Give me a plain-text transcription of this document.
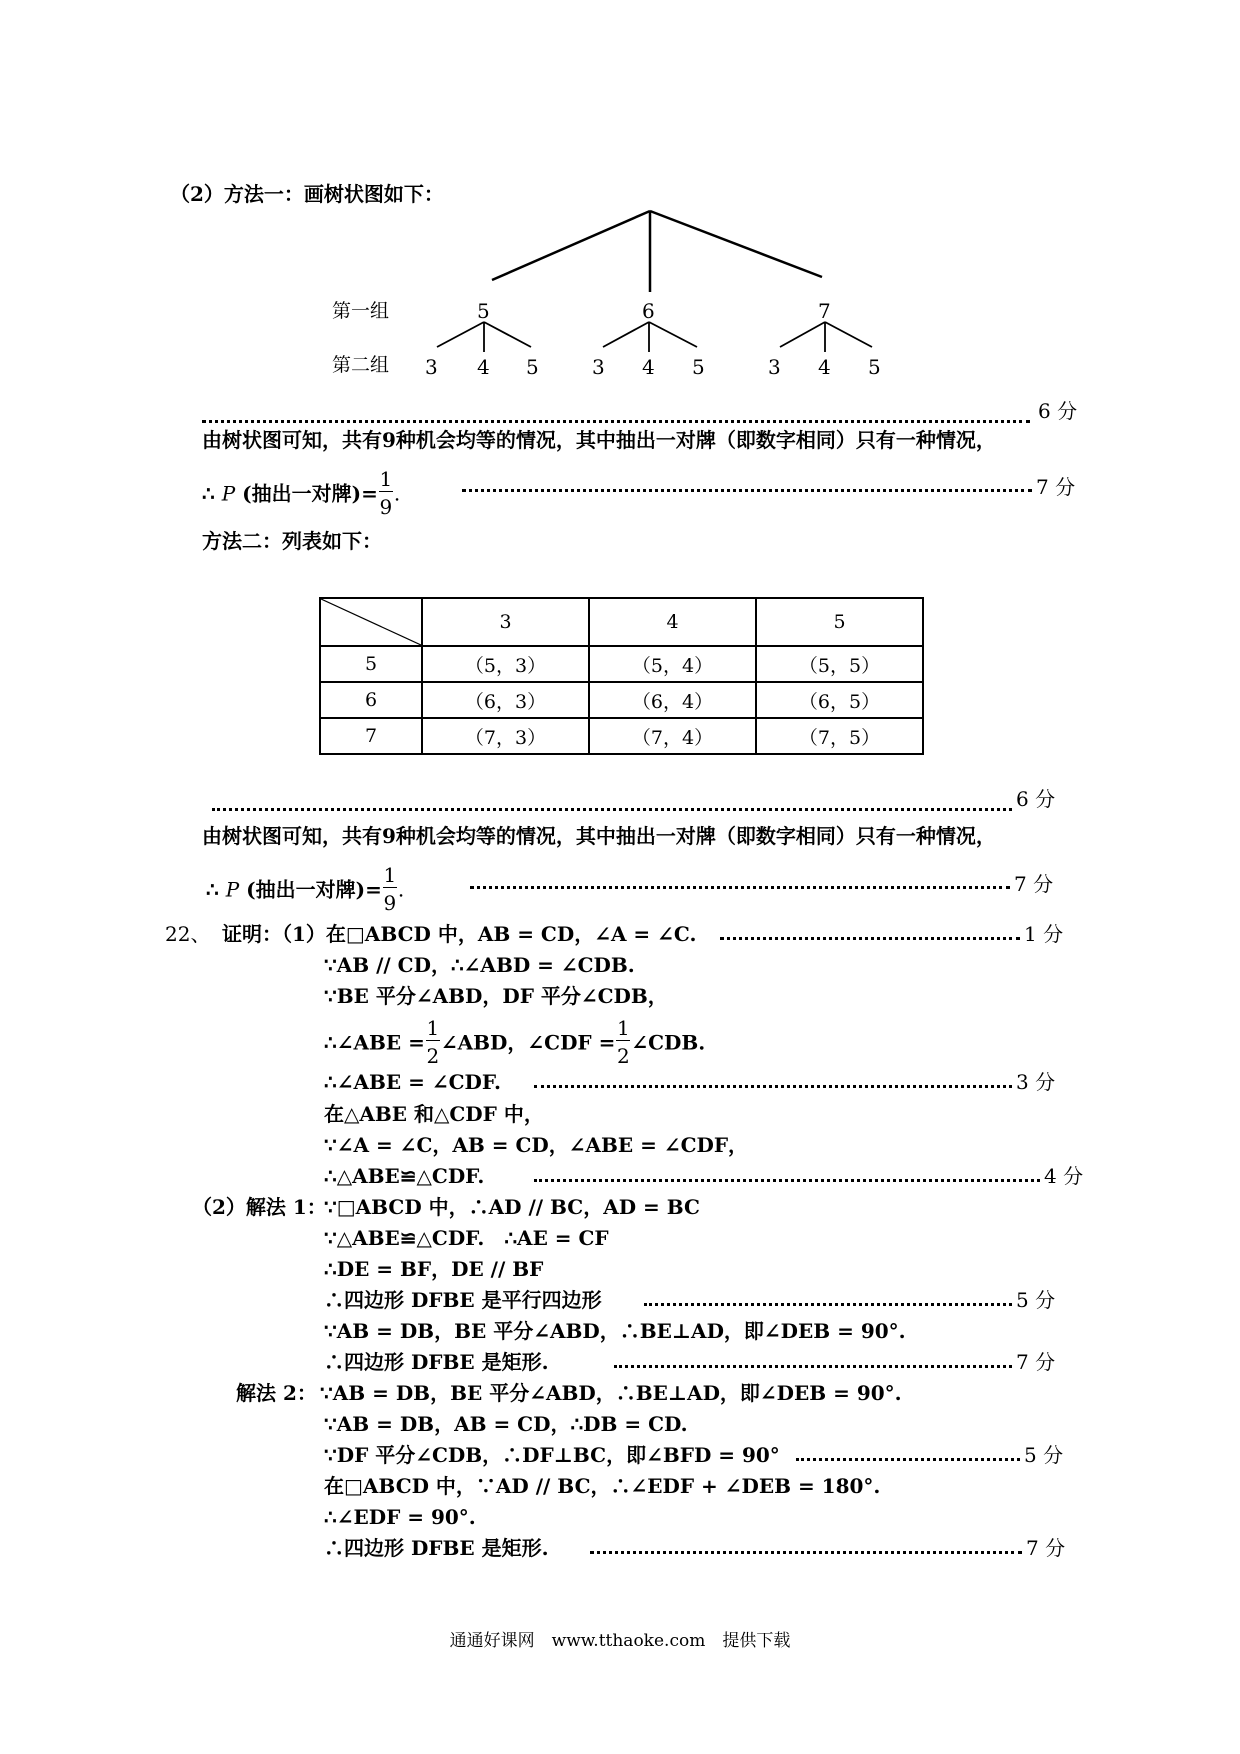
（2）方法一：画树状图如下：
第一组
第二组
5	6	7
3 4 5	3 4 5	3 4 5
6 分
由树状图可知，共有9种机会均等的情况，其中抽出一对牌（即数字相同）只有一种情况，
∴ P (抽出一对牌)= $\frac{1}{9}$ .	7 分
方法二：列表如下：
	3	4	5
5	（5，3）	（5，4）	（5，5）
6	（6，3）	（6，4）	（6，5）
7	（7，3）	（7，4）	（7，5）
6 分
由树状图可知，共有9种机会均等的情况，其中抽出一对牌（即数字相同）只有一种情况，
∴ P (抽出一对牌)= $\frac{1}{9}$ .	7 分
22、 证明：（1）在□ABCD 中，AB = CD，∠A = ∠C.	1 分
∵AB // CD，∴∠ABD = ∠CDB.
∵BE 平分∠ABD，DF 平分∠CDB，
∴∠ABE = $\frac{1}{2}$ ∠ABD，∠CDF = $\frac{1}{2}$ ∠CDB.
∴∠ABE = ∠CDF.	3 分
在△ABE 和△CDF 中，
∵∠A = ∠C，AB = CD，∠ABE = ∠CDF，
∴△ABE≌△CDF.	4 分
（2）解法 1：
∵□ABCD 中，∴AD // BC，AD = BC
∵△ABE≌△CDF.　∴AE = CF
∴DE = BF，DE // BF
∴四边形 DFBE 是平行四边形	5 分
∵AB = DB，BE 平分∠ABD，∴BE⊥AD，即∠DEB = 90°.
∴四边形 DFBE 是矩形.	7 分
解法 2： ∵AB = DB，BE 平分∠ABD，∴BE⊥AD，即∠DEB = 90°.
∵AB = DB，AB = CD，∴DB = CD.
∵DF 平分∠CDB，∴DF⊥BC，即∠BFD = 90°	5 分
在□ABCD 中，∵AD // BC，∴∠EDF + ∠DEB = 180°.
∴∠EDF = 90°.
∴四边形 DFBE 是矩形.	7 分
通通好课网　www.tthaoke.com　提供下载
